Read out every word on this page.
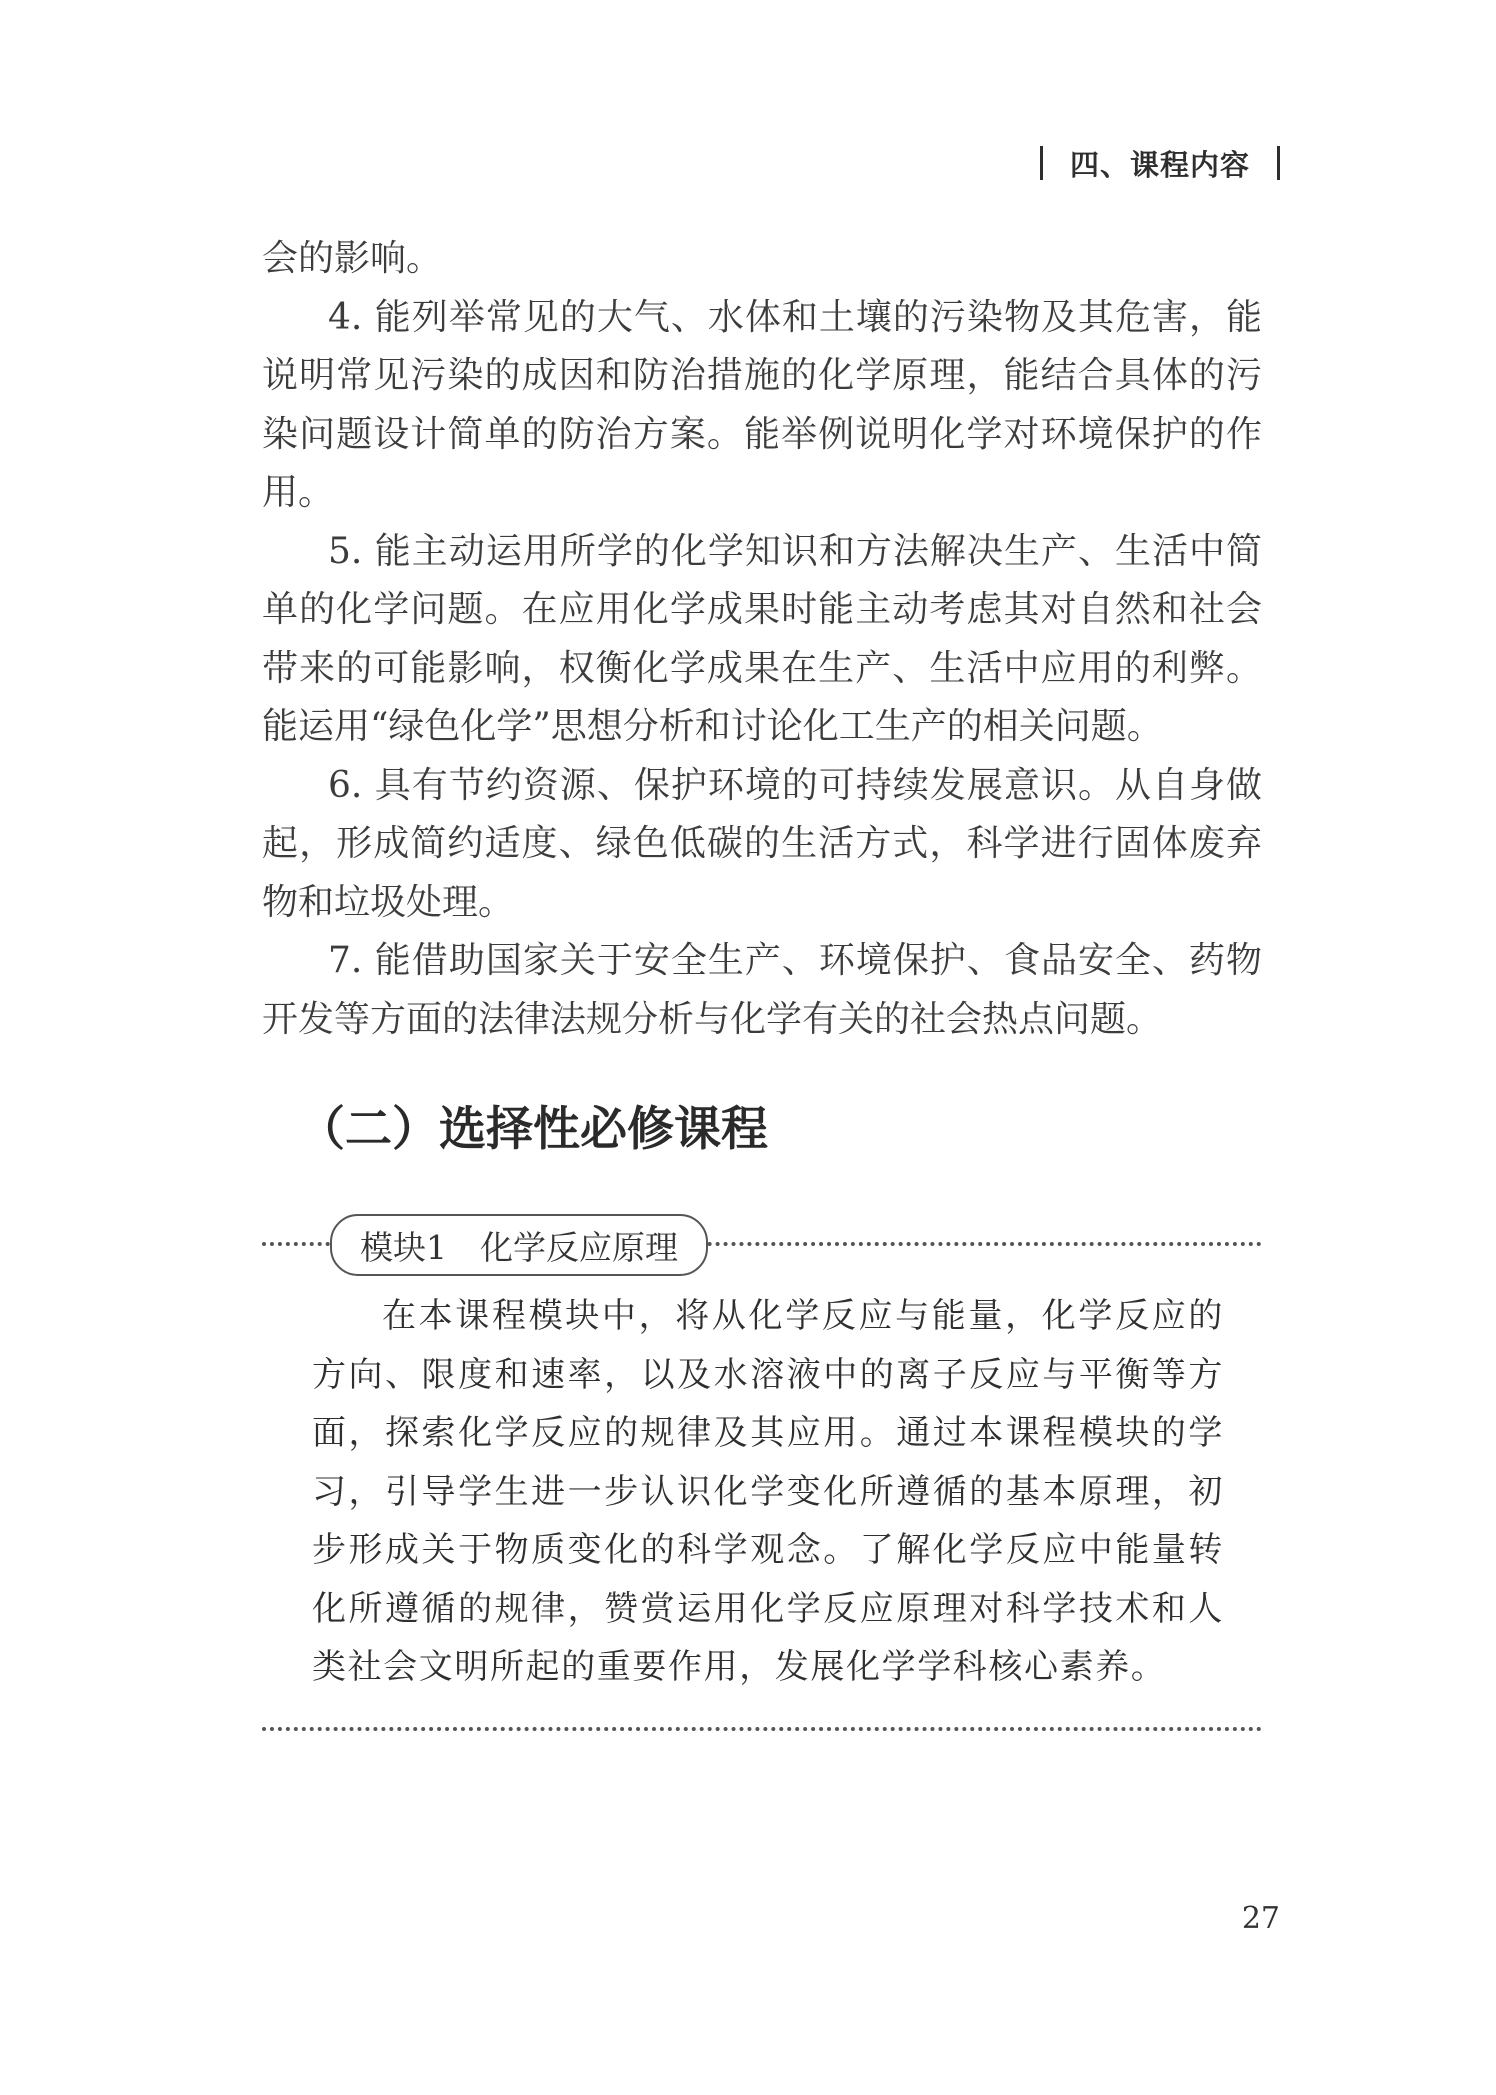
四、课程内容

会的影响。

4. 能列举常见的大气、水体和土壤的污染物及其危害，能说明常见污染的成因和防治措施的化学原理，能结合具体的污染问题设计简单的防治方案。能举例说明化学对环境保护的作用。

5. 能主动运用所学的化学知识和方法解决生产、生活中简单的化学问题。在应用化学成果时能主动考虑其对自然和社会带来的可能影响，权衡化学成果在生产、生活中应用的利弊。能运用“绿色化学”思想分析和讨论化工生产的相关问题。

6. 具有节约资源、保护环境的可持续发展意识。从自身做起，形成简约适度、绿色低碳的生活方式，科学进行固体废弃物和垃圾处理。

7. 能借助国家关于安全生产、环境保护、食品安全、药物开发等方面的法律法规分析与化学有关的社会热点问题。

（二）选择性必修课程
模块1　化学反应原理

在本课程模块中，将从化学反应与能量，化学反应的方向、限度和速率，以及水溶液中的离子反应与平衡等方面，探索化学反应的规律及其应用。通过本课程模块的学习，引导学生进一步认识化学变化所遵循的基本原理，初步形成关于物质变化的科学观念。了解化学反应中能量转化所遵循的规律，赞赏运用化学反应原理对科学技术和人类社会文明所起的重要作用，发展化学学科核心素养。

27
